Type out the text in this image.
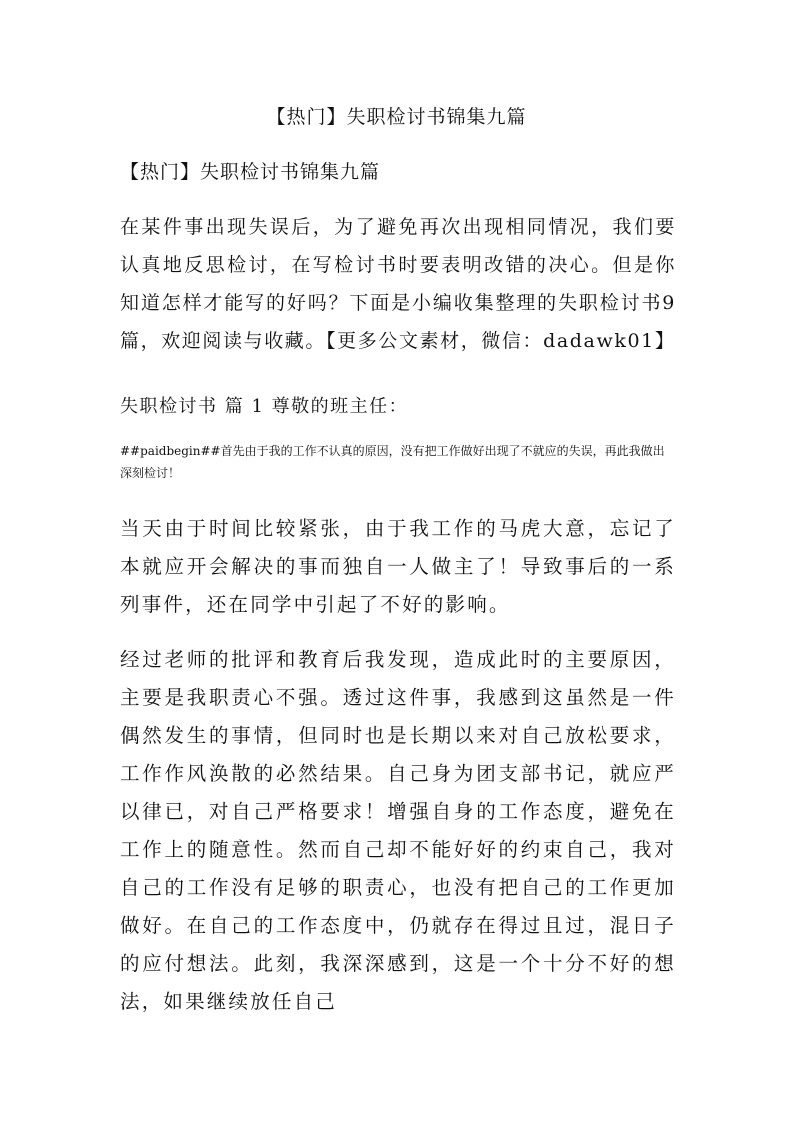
【热门】失职检讨书锦集九篇
【热门】失职检讨书锦集九篇

在某件事出现失误后，为了避免再次出现相同情况，我们要认真地反思检讨，在写检讨书时要表明改错的决心。但是你知道怎样才能写的好吗？下面是小编收集整理的失职检讨书9篇，欢迎阅读与收藏。【更多公文素材，微信：dadawk01】

失职检讨书 篇 1 尊敬的班主任：

##paidbegin##首先由于我的工作不认真的原因，没有把工作做好出现了不就应的失误，再此我做出深刻检讨！

当天由于时间比较紧张，由于我工作的马虎大意，忘记了本就应开会解决的事而独自一人做主了！导致事后的一系列事件，还在同学中引起了不好的影响。

经过老师的批评和教育后我发现，造成此时的主要原因，主要是我职责心不强。透过这件事，我感到这虽然是一件偶然发生的事情，但同时也是长期以来对自己放松要求，工作作风涣散的必然结果。自己身为团支部书记，就应严以律已，对自己严格要求！增强自身的工作态度，避免在工作上的随意性。然而自己却不能好好的约束自己，我对自己的工作没有足够的职责心，也没有把自己的工作更加做好。在自己的工作态度中，仍就存在得过且过，混日子的应付想法。此刻，我深深感到，这是一个十分不好的想法，如果继续放任自己
